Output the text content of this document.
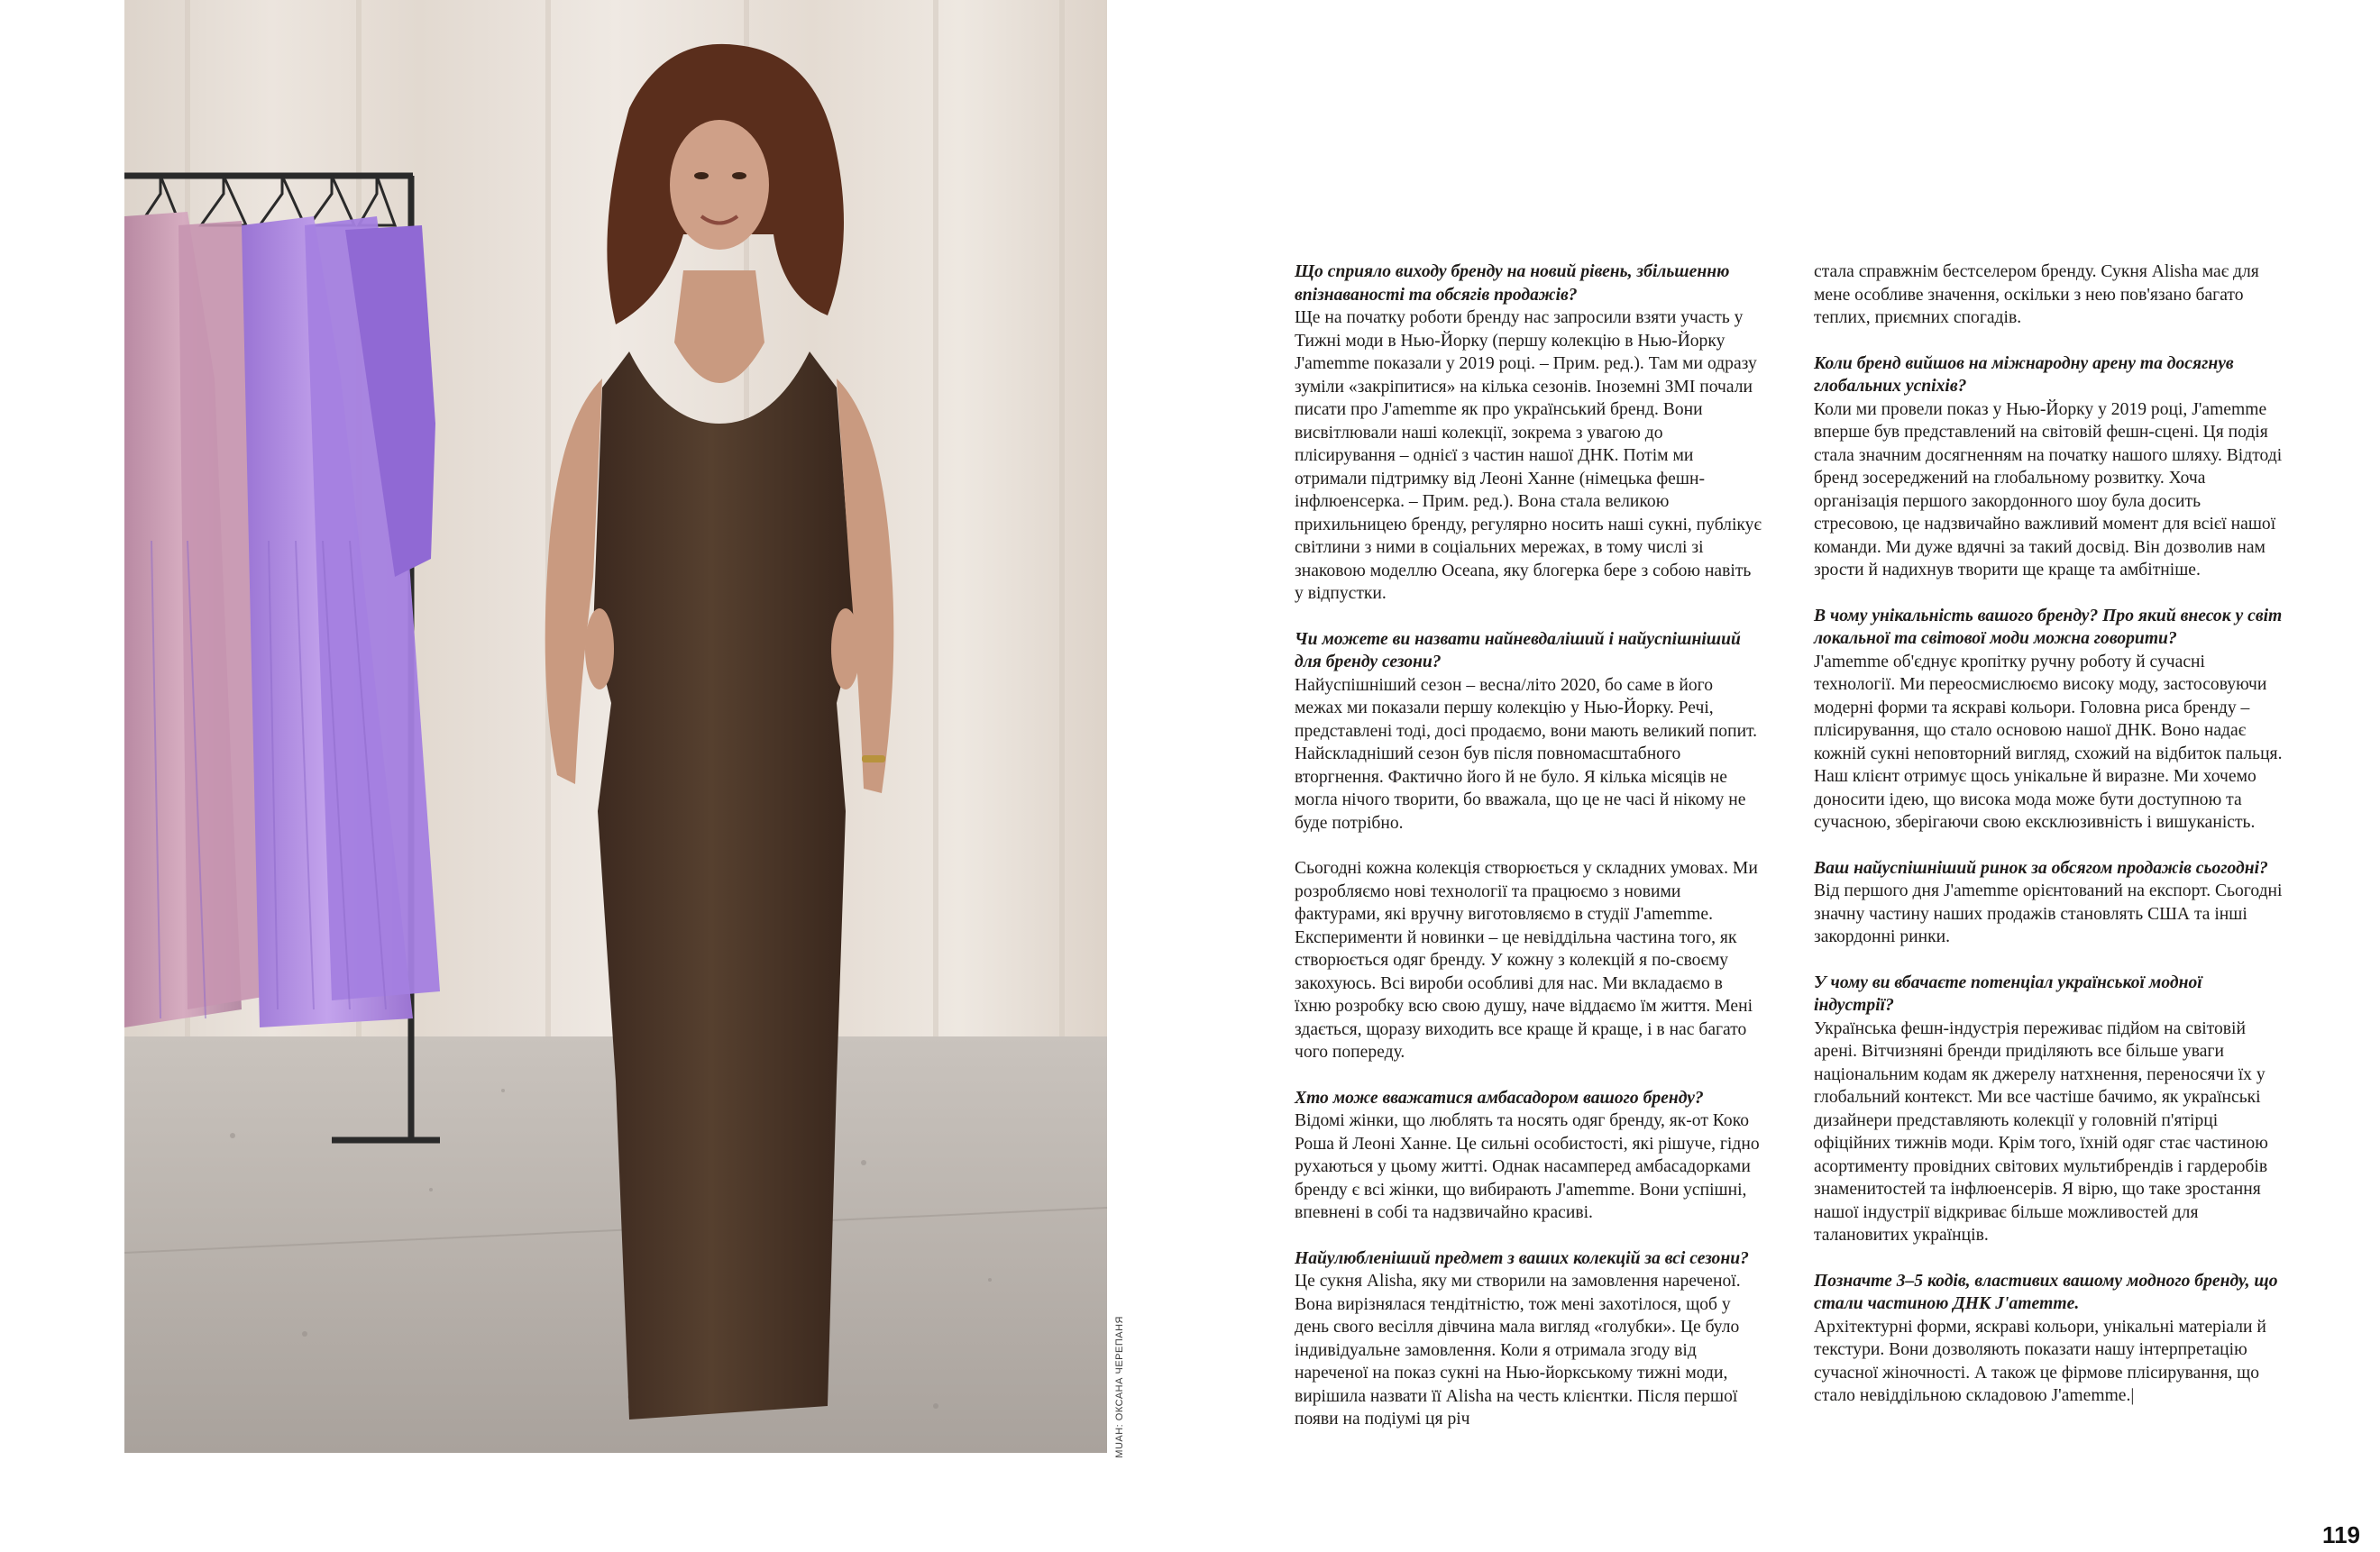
МUАН: ОКСАНА ЧЕРЕПАНЯ
Що сприяло виходу бренду на новий рівень, збільшенню впізнаваності та обсягів продажів?
Ще на початку роботи бренду нас запросили взяти участь у Тижні моди в Нью-Йорку (першу колекцію в Нью-Йорку J'amemme показали у 2019 році. – Прим. ред.). Там ми одразу зуміли «закріпитися» на кілька сезонів. Іноземні ЗМІ почали писати про J'amemme як про український бренд. Вони висвітлювали наші колекції, зокрема з увагою до плісирування – однієї з частин нашої ДНК. Потім ми отримали підтримку від Леоні Ханне (німецька фешн-інфлюенсерка. – Прим. ред.). Вона стала великою прихильницею бренду, регулярно носить наші сукні, публікує світлини з ними в соціальних мережах, в тому числі зі знаковою моделлю Oceana, яку блогерка бере з собою навіть у відпустки.
Чи можете ви назвати найневдаліший і найуспішніший для бренду сезони?
Найуспішніший сезон – весна/літо 2020, бо саме в його межах ми показали першу колекцію у Нью-Йорку. Речі, представлені тоді, досі продаємо, вони мають великий попит. Найскладніший сезон був після повномасштабного вторгнення. Фактично його й не було. Я кілька місяців не могла нічого творити, бо вважала, що це не часі й нікому не буде потрібно.
Сьогодні кожна колекція створюється у складних умовах. Ми розробляємо нові технології та працюємо з новими фактурами, які вручну виготовляємо в студії J'amemme. Експерименти й новинки – це невіддільна частина того, як створюється одяг бренду. У кожну з колекцій я по-своєму закохуюсь. Всі вироби особливі для нас. Ми вкладаємо в їхню розробку всю свою душу, наче віддаємо їм життя. Мені здається, щоразу виходить все краще й краще, і в нас багато чого попереду.
Хто може вважатися амбасадором вашого бренду?
Відомі жінки, що люблять та носять одяг бренду, як-от Коко Роша й Леоні Ханне. Це сильні особистості, які рішуче, гідно рухаються у цьому житті. Однак насамперед амбасадорками бренду є всі жінки, що вибирають J'amemme. Вони успішні, впевнені в собі та надзвичайно красиві.
Найулюбленіший предмет з ваших колекцій за всі сезони?
Це сукня Alisha, яку ми створили на замовлення нареченої. Вона вирізнялася тендітністю, тож мені захотілося, щоб у день свого весілля дівчина мала вигляд «голубки». Це було індивідуальне замовлення. Коли я отримала згоду від нареченої на показ сукні на Нью-йоркському тижні моди, вирішила назвати її Alisha на честь клієнтки. Після першої появи на подіумі ця річ
стала справжнім бестселером бренду. Сукня Alisha має для мене особливе значення, оскільки з нею пов'язано багато теплих, приємних спогадів.
Коли бренд вийшов на міжнародну арену та досягнув глобальних успіхів?
Коли ми провели показ у Нью-Йорку у 2019 році, J'amemme вперше був представлений на світовій фешн-сцені. Ця подія стала значним досягненням на початку нашого шляху. Відтоді бренд зосереджений на глобальному розвитку. Хоча організація першого закордонного шоу була досить стресовою, це надзвичайно важливий момент для всієї нашої команди. Ми дуже вдячні за такий досвід. Він дозволив нам зрости й надихнув творити ще краще та амбітніше.
В чому унікальність вашого бренду? Про який внесок у світ локальної та світової моди можна говорити?
J'amemme об'єднує кропітку ручну роботу й сучасні технології. Ми переосмислюємо високу моду, застосовуючи модерні форми та яскраві кольори. Головна риса бренду – плісирування, що стало основою нашої ДНК. Воно надає кожній сукні неповторний вигляд, схожий на відбиток пальця. Наш клієнт отримує щось унікальне й виразне. Ми хочемо доносити ідею, що висока мода може бути доступною та сучасною, зберігаючи свою ексклюзивність і вишуканість.
Ваш найуспішніший ринок за обсягом продажів сьогодні?
Від першого дня J'amemme орієнтований на експорт. Сьогодні значну частину наших продажів становлять США та інші закордонні ринки.
У чому ви вбачаєте потенціал української модної індустрії?
Українська фешн-індустрія переживає підйом на світовій арені. Вітчизняні бренди приділяють все більше уваги національним кодам як джерелу натхнення, переносячи їх у глобальний контекст. Ми все частіше бачимо, як українські дизайнери представляють колекції у головній п'ятірці офіційних тижнів моди. Крім того, їхній одяг стає частиною асортименту провідних світових мультибрендів і гардеробів знаменитостей та інфлюенсерів. Я вірю, що таке зростання нашої індустрії відкриває більше можливостей для талановитих українців.
Позначте 3–5 кодів, властивих вашому модного бренду, що стали частиною ДНК J'amemme.
Архітектурні форми, яскраві кольори, унікальні матеріали й текстури. Вони дозволяють показати нашу інтерпретацію сучасної жіночності. А також це фірмове плісирування, що стало невіддільною складовою J'amemme.|
119
